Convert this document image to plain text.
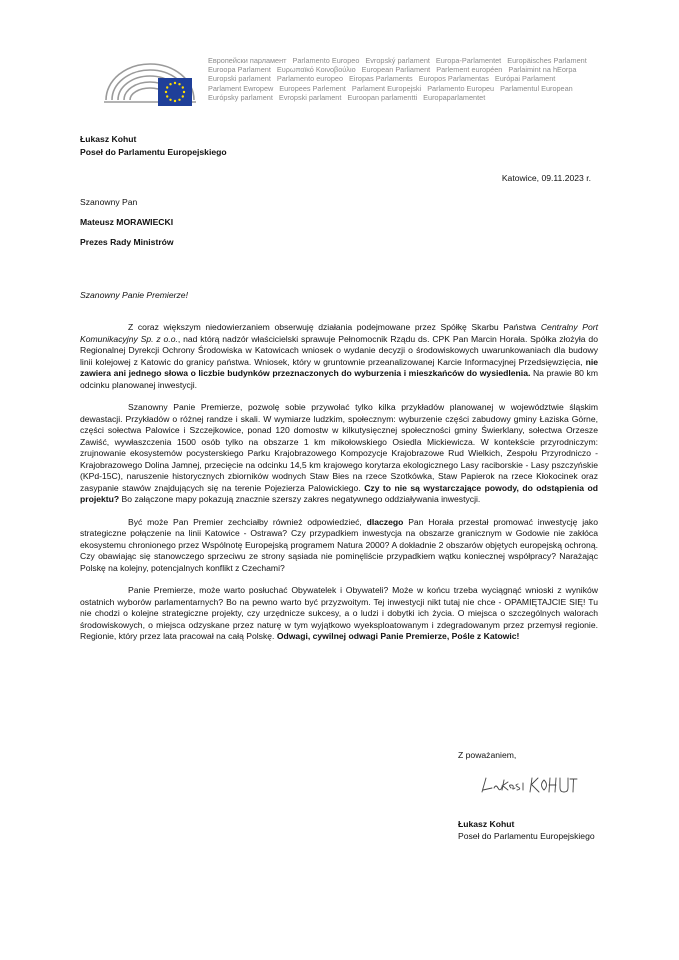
Европейски парламент Parlamento Europeo Evropský parlament Europa-Parlamentet Europäisches Parlament
Euroopa Parlament Ευρωπαϊκό Κοινοβούλιο European Parliament Parlement européen Parlaimint na hEorpa
Europski parlament Parlamento europeo Eiropas Parlaments Europos Parlamentas Európai Parlament
Parlament Ewropew Europees Parlement Parlament Europejski Parlamento Europeu Parlamentul European
Európsky parlament Evropski parlament Euroopan parlamentti Europaparlamentet
Łukasz Kohut
Poseł do Parlamentu Europejskiego
Katowice, 09.11.2023 r.
Szanowny Pan
Mateusz MORAWIECKI
Prezes Rady Ministrów
Szanowny Panie Premierze!

Z coraz większym niedowierzaniem obserwuję działania podejmowane przez Spółkę Skarbu Państwa Centralny Port Komunikacyjny Sp. z o.o., nad którą nadzór właścicielski sprawuje Pełnomocnik Rządu ds. CPK Pan Marcin Horała. Spółka złożyła do Regionalnej Dyrekcji Ochrony Środowiska w Katowicach wniosek o wydanie decyzji o środowiskowych uwarunkowaniach dla budowy linii kolejowej z Katowic do granicy państwa. Wniosek, który w gruntownie przeanalizowanej Karcie Informacyjnej Przedsięwzięcia, nie zawiera ani jednego słowa o liczbie budynków przeznaczonych do wyburzenia i mieszkańców do wysiedlenia. Na prawie 80 km odcinku planowanej inwestycji.

Szanowny Panie Premierze, pozwolę sobie przywołać tylko kilka przykładów planowanej w województwie śląskim dewastacji. Przykładów o różnej randze i skali. W wymiarze ludzkim, społecznym: wyburzenie części zabudowy gminy Łaziska Górne, części sołectwa Palowice i Szczejkowice, ponad 120 domostw w kilkutysięcznej społeczności gminy Świerklany, sołectwa Orzesze Zawiść, wywłaszczenia 1500 osób tylko na obszarze 1 km mikołowskiego Osiedla Mickiewicza. W kontekście przyrodniczym: zrujnowanie ekosystemów pocysterskiego Parku Krajobrazowego Kompozycje Krajobrazowe Rud Wielkich, Zespołu Przyrodniczo - Krajobrazowego Dolina Jamnej, przecięcie na odcinku 14,5 km krajowego korytarza ekologicznego Lasy raciborskie - Lasy pszczyńskie (KPd-15C), naruszenie historycznych zbiorników wodnych Staw Bies na rzece Szotkówka, Staw Papierok na rzece Kłokocinek oraz zasypanie stawów znajdujących się na terenie Pojezierza Palowickiego. Czy to nie są wystarczające powody, do odstąpienia od projektu? Bo załączone mapy pokazują znacznie szerszy zakres negatywnego oddziaływania inwestycji.

Być może Pan Premier zechciałby również odpowiedzieć, dlaczego Pan Horała przestał promować inwestycję jako strategiczne połączenie na linii Katowice - Ostrawa? Czy przypadkiem inwestycja na obszarze granicznym w Godowie nie zakłóca ekosystemu chronionego przez Wspólnotę Europejską programem Natura 2000? A dokładnie 2 obszarów objętych europejską ochroną. Czy obawiając się stanowczego sprzeciwu ze strony sąsiada nie pominęliście przypadkiem wątku koniecznej współpracy? Narażając Polskę na kolejny, potencjalnych konflikt z Czechami?

Panie Premierze, może warto posłuchać Obywatelek i Obywateli? Może w końcu trzeba wyciągnąć wnioski z wyników ostatnich wyborów parlamentarnych? Bo na pewno warto być przyzwoitym. Tej inwestycji nikt tutaj nie chce - OPAMIĘTAJCIE SIĘ! Tu nie chodzi o kolejne strategiczne projekty, czy urzędnicze sukcesy, a o ludzi i dobytki ich życia. O miejsca o szczególnych walorach środowiskowych, o miejsca odzyskane przez naturę w tym wyjątkowo wyeksploatowanym i zdegradowanym przez przemysł regionie. Regionie, który przez lata pracował na całą Polskę. Odwagi, cywilnej odwagi Panie Premierze, Pośle z Katowic!

Z poważaniem,
Łukasz Kohut
Poseł do Parlamentu Europejskiego
